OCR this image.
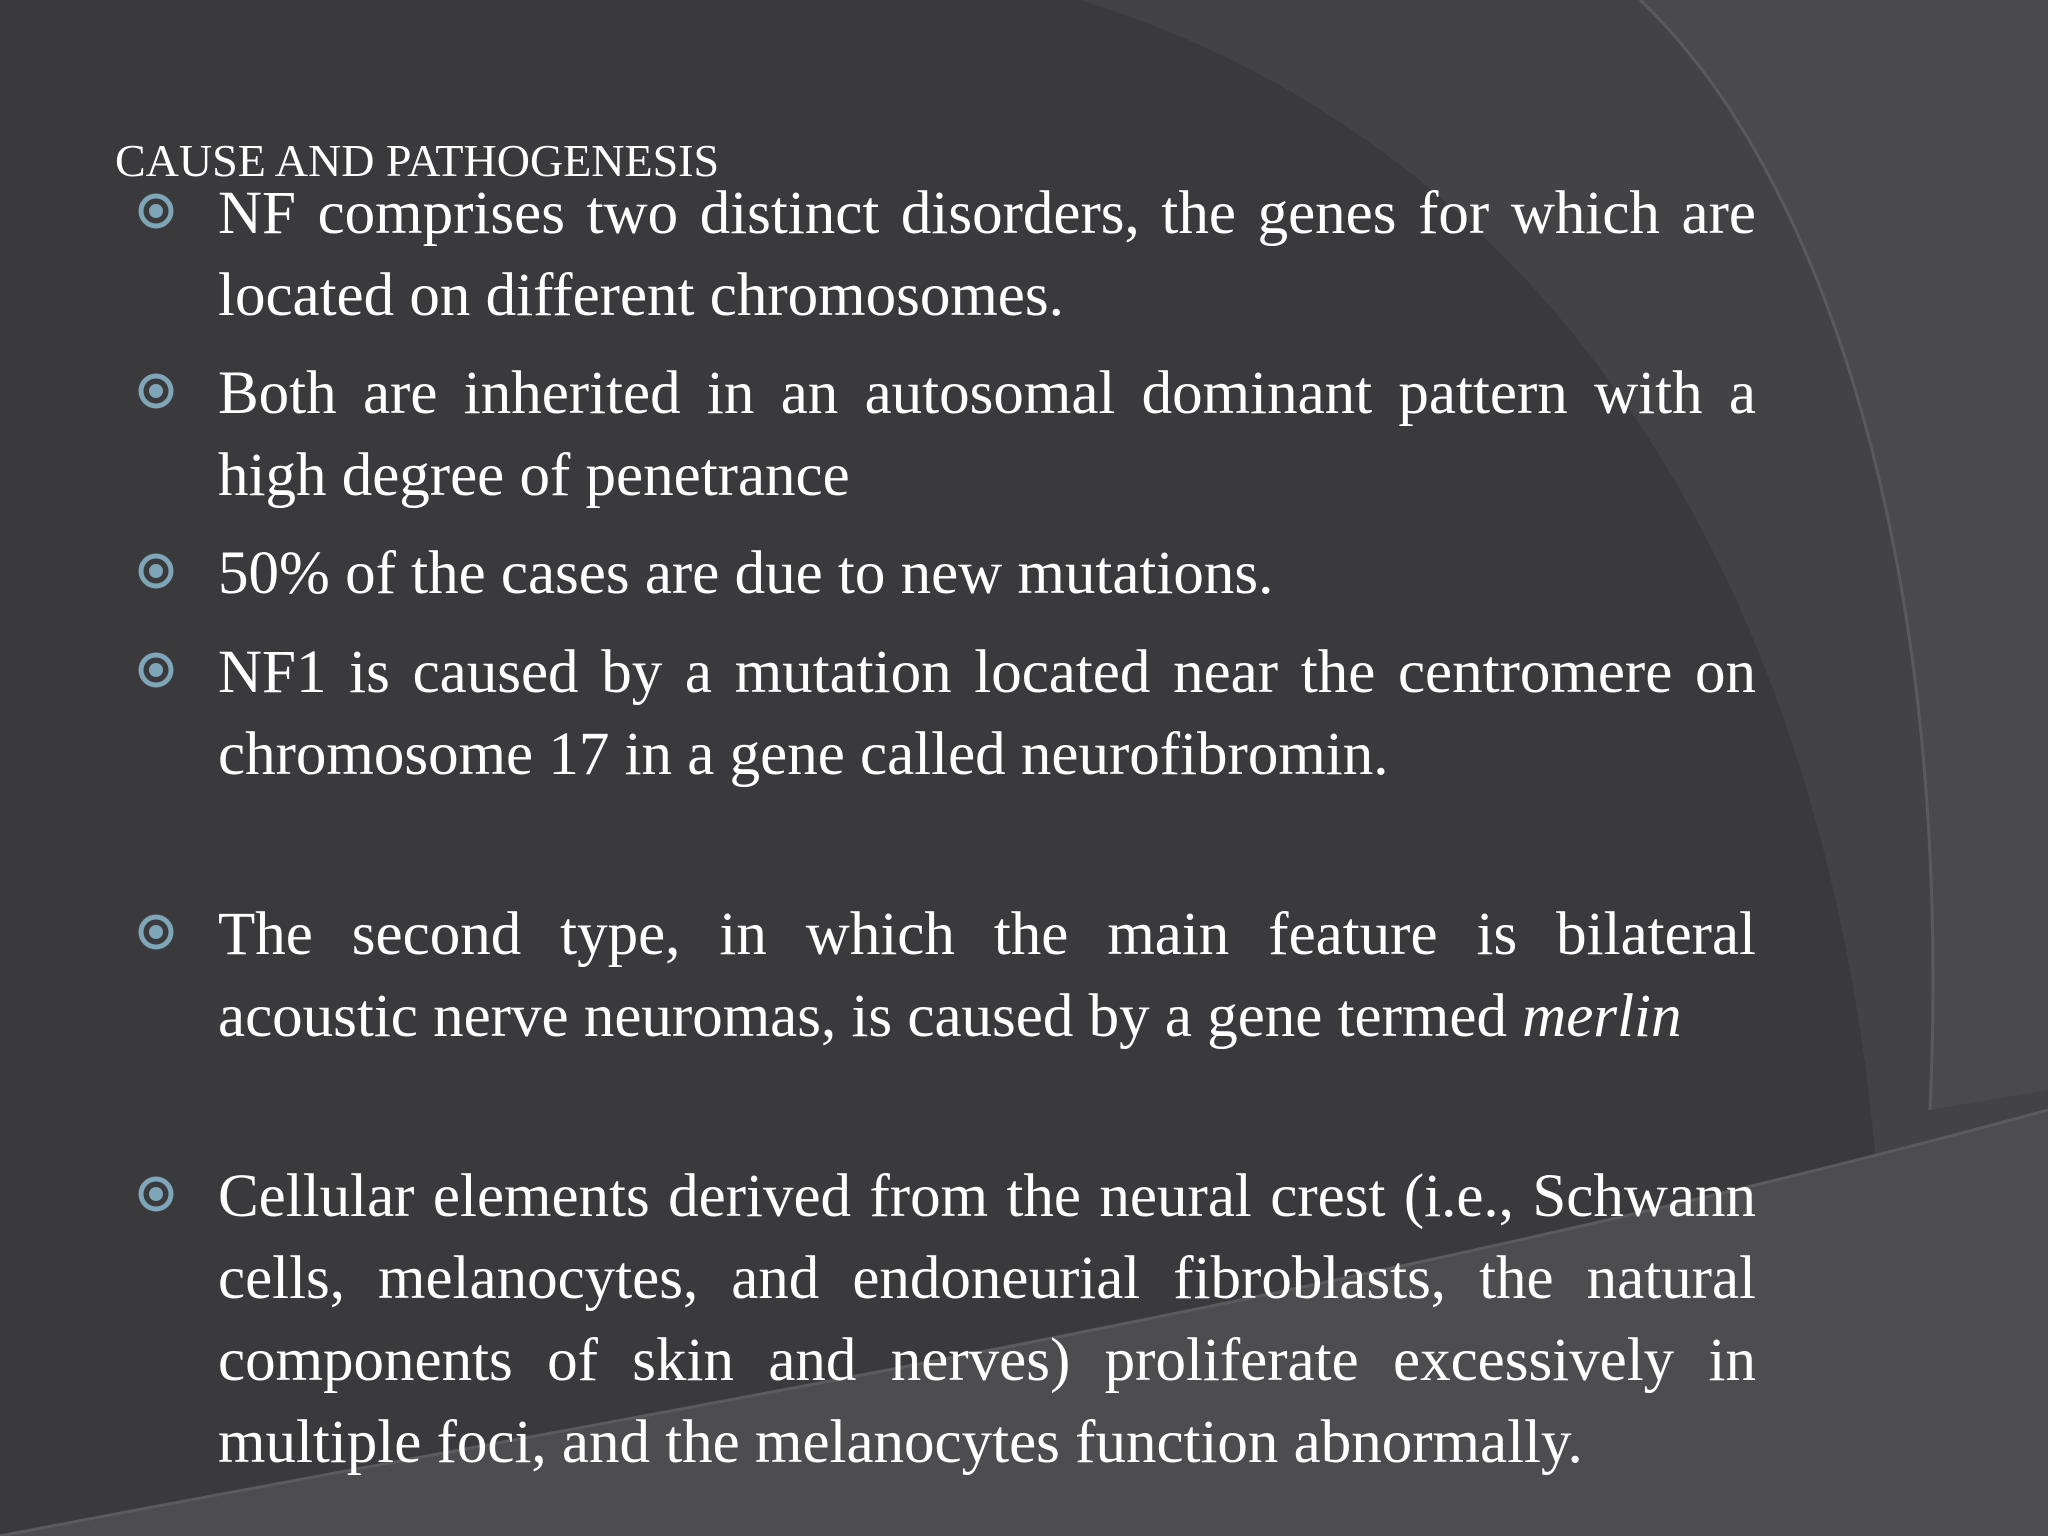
CAUSE AND PATHOGENESIS
NF comprises two distinct disorders, the genes for which are located on different chromosomes.
Both are inherited in an autosomal dominant pattern with a high degree of penetrance
50% of the cases are due to new mutations.
NF1 is caused by a mutation located near the centromere on chromosome 17 in a gene called neurofibromin.
The second type, in which the main feature is bilateral acoustic nerve neuromas, is caused by a gene termed merlin
Cellular elements derived from the neural crest (i.e., Schwann cells, melanocytes, and endoneurial fibroblasts, the natural components of skin and nerves) proliferate excessively in multiple foci, and the melanocytes function abnormally.
